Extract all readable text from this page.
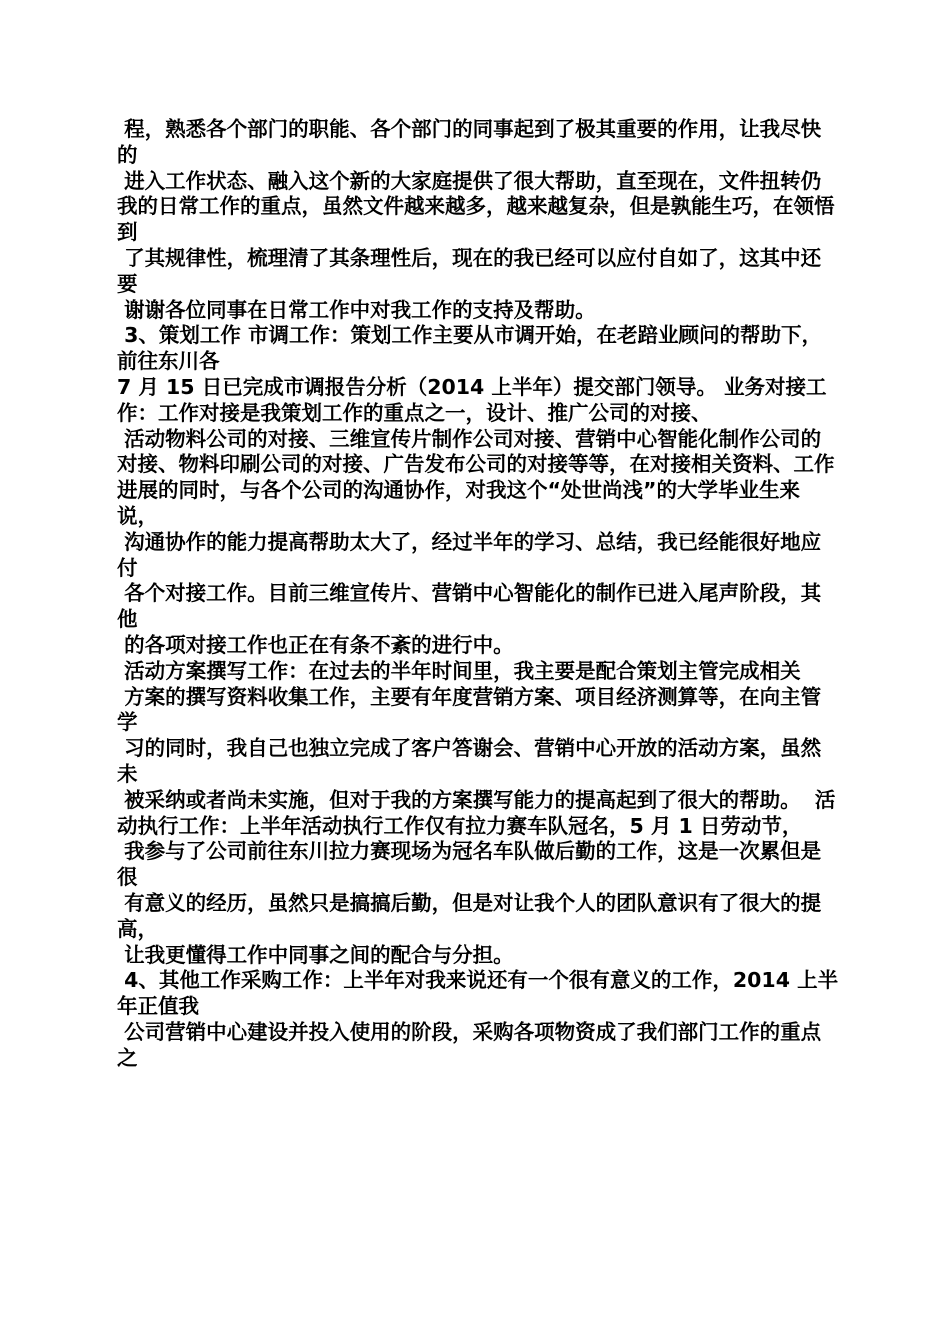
程，熟悉各个部门的职能、各个部门的同事起到了极其重要的作用，让我尽快的

进入工作状态、融入这个新的大家庭提供了很大帮助，直至现在，文件扭转仍我的日常工作的重点，虽然文件越来越多，越来越复杂，但是孰能生巧，在领悟到

了其规律性，梳理清了其条理性后，现在的我已经可以应付自如了，这其中还要

谢谢各位同事在日常工作中对我工作的支持及帮助。

3、策划工作 市调工作：策划工作主要从市调开始，在老踣业顾问的帮助下，前往东川各

7 月 15 日已完成市调报告分析（2014 上半年）提交部门领导。 业务对接工作：工作对接是我策划工作的重点之一，设计、推广公司的对接、

活动物料公司的对接、三维宣传片制作公司对接、营销中心智能化制作公司的对接、物料印刷公司的对接、广告发布公司的对接等等，在对接相关资料、工作进展的同时，与各个公司的沟通协作，对我这个“处世尚浅”的大学毕业生来说，

沟通协作的能力提高帮助太大了，经过半年的学习、总结，我已经能很好地应付

各个对接工作。目前三维宣传片、营销中心智能化的制作已进入尾声阶段，其他

的各项对接工作也正在有条不紊的进行中。

活动方案撰写工作：在过去的半年时间里，我主要是配合策划主管完成相关

方案的撰写资料收集工作，主要有年度营销方案、项目经济测算等，在向主管学

习的同时，我自己也独立完成了客户答谢会、营销中心开放的活动方案，虽然未

被采纳或者尚未实施，但对于我的方案撰写能力的提高起到了很大的帮助。  活动执行工作：上半年活动执行工作仅有拉力赛车队冠名，5 月 1 日劳动节，

我参与了公司前往东川拉力赛现场为冠名车队做后勤的工作，这是一次累但是很

有意义的经历，虽然只是搞搞后勤，但是对让我个人的团队意识有了很大的提高，

让我更懂得工作中同事之间的配合与分担。

4、其他工作采购工作：上半年对我来说还有一个很有意义的工作，2014 上半年正值我

公司营销中心建设并投入使用的阶段，采购各项物资成了我们部门工作的重点之
